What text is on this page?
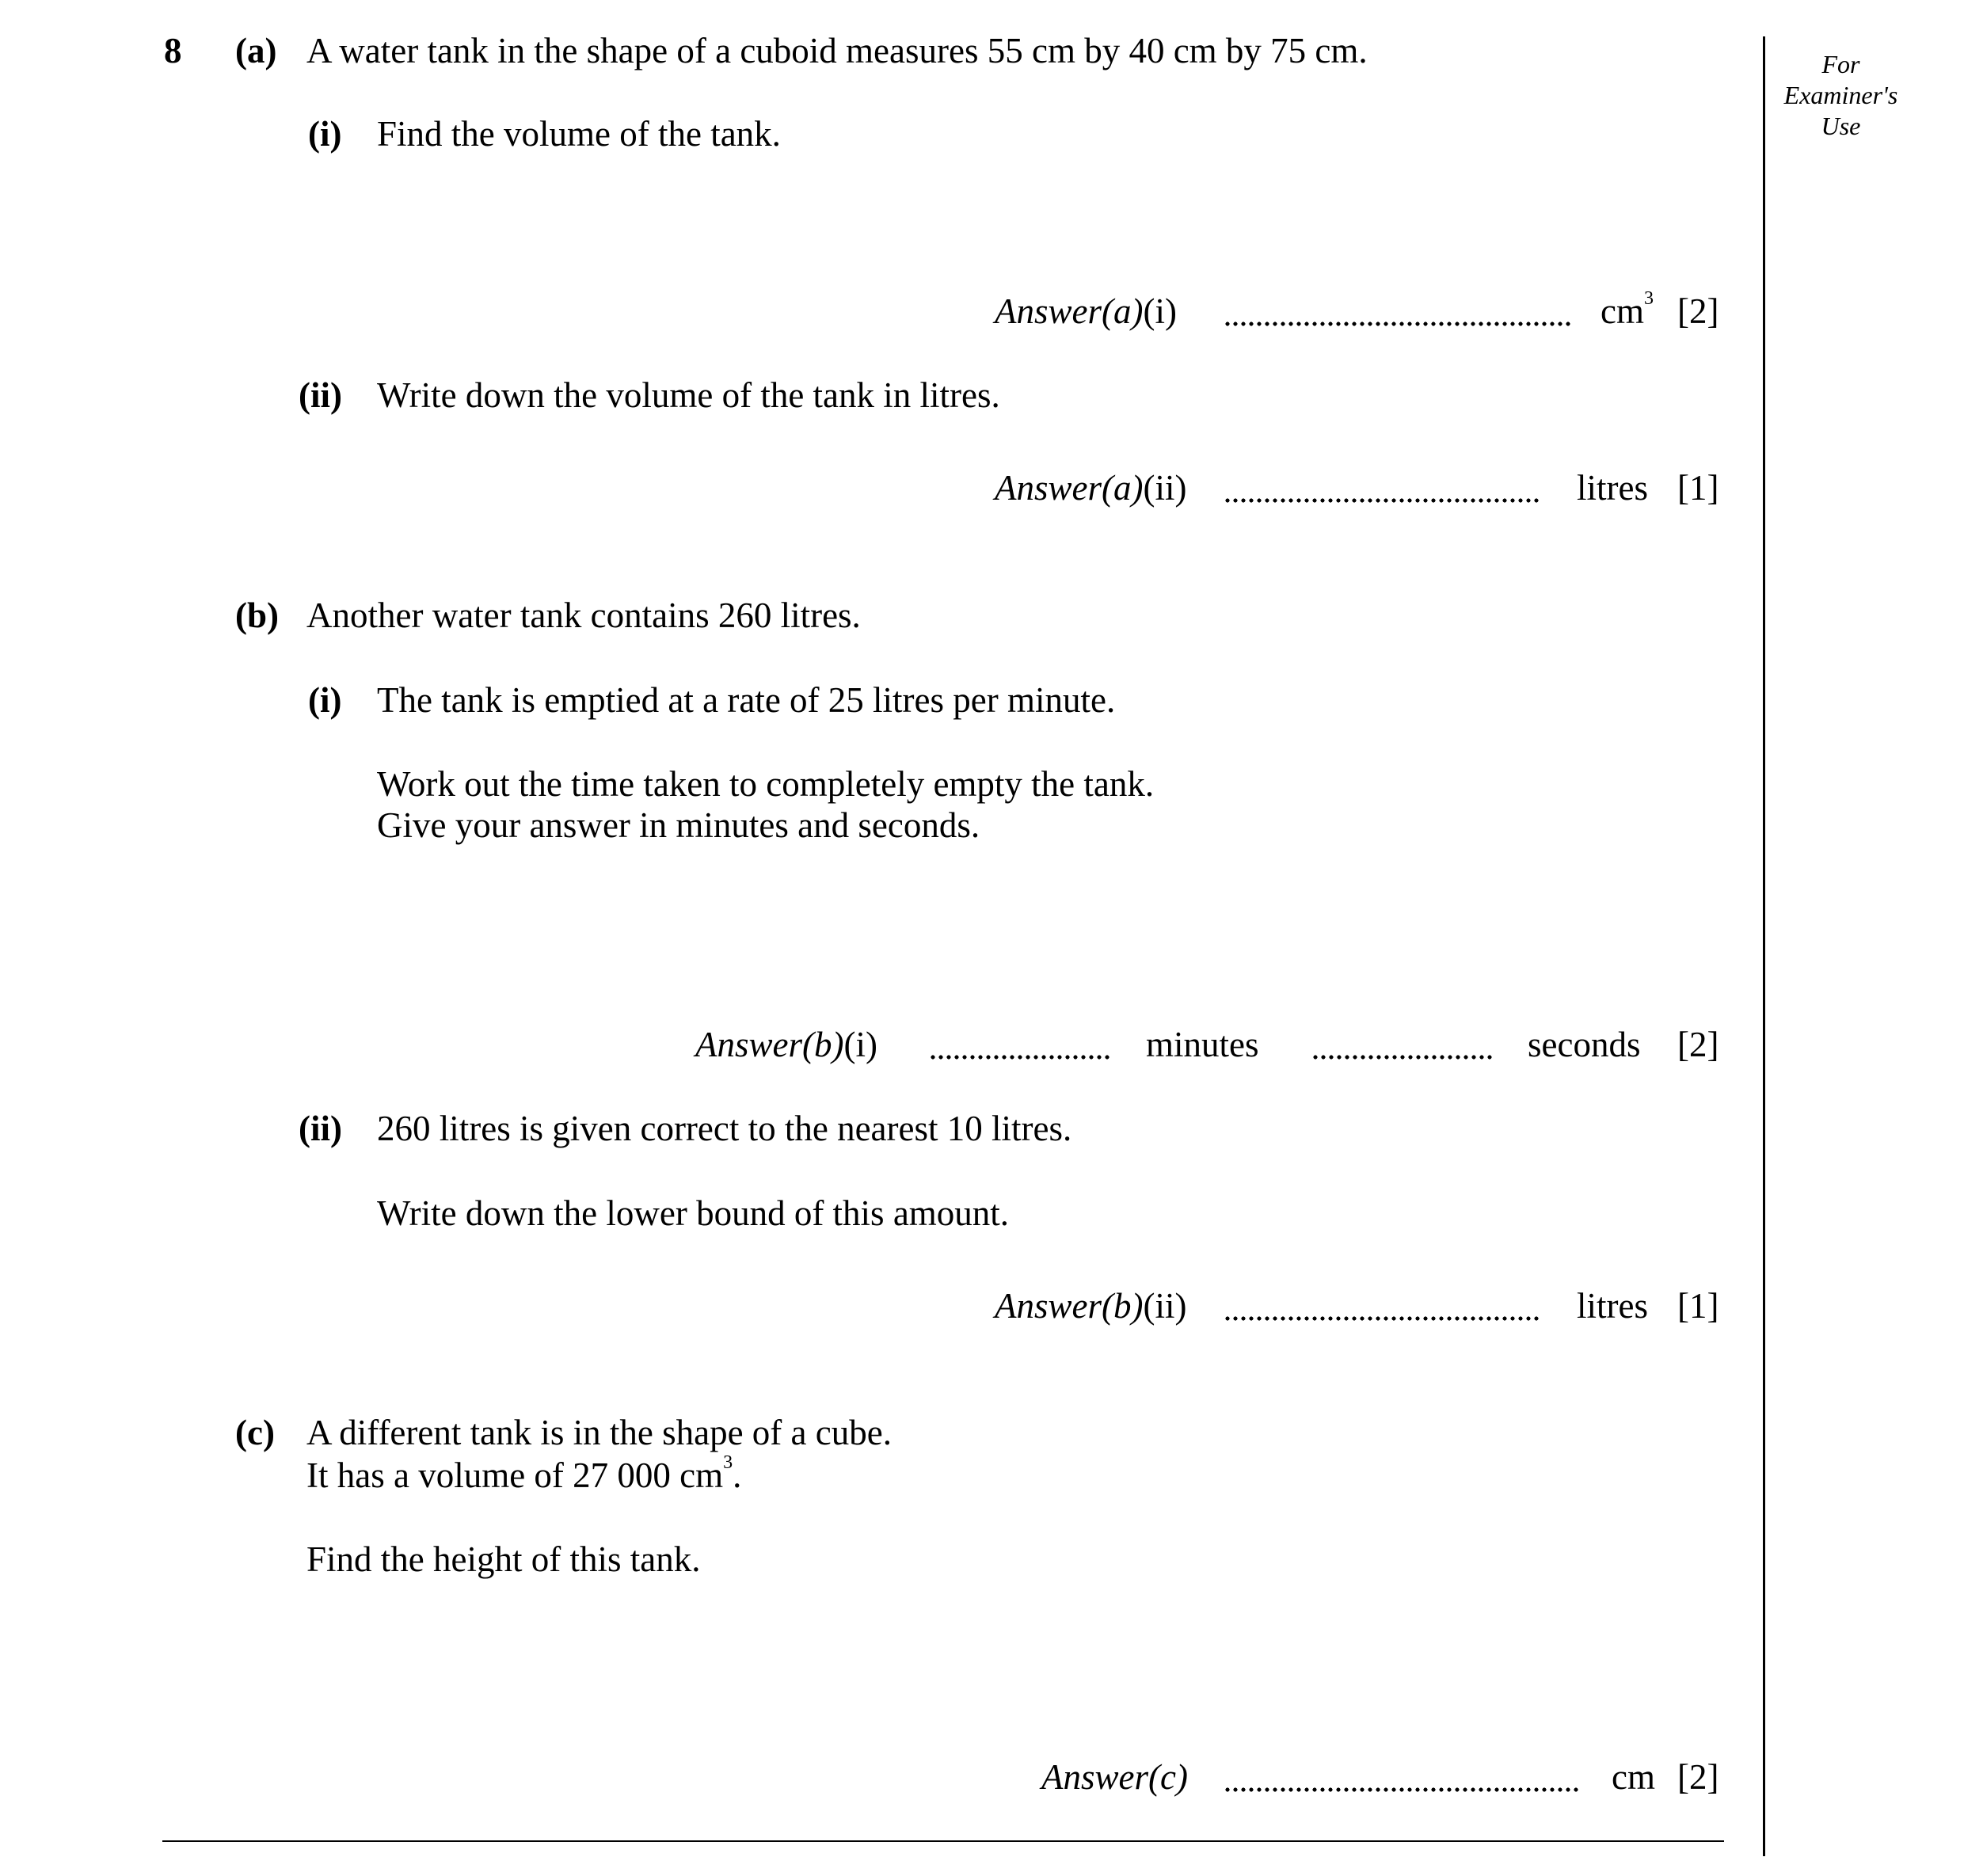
For
Examiner's
Use
8 (a) A water tank in the shape of a cuboid measures 55 cm by 40 cm by 75 cm.
(i) Find the volume of the tank.
Answer(a)(i)	$cm^3$ [2]
(ii) Write down the volume of the tank in litres.
Answer(a)(ii)	litres [1]
(b) Another water tank contains 260 litres.
(i) The tank is emptied at a rate of 25 litres per minute.
Work out the time taken to completely empty the tank.
Give your answer in minutes and seconds.
Answer(b)(i)	minutes	seconds [2]
(ii) 260 litres is given correct to the nearest 10 litres.
Write down the lower bound of this amount.
Answer(b)(ii)	litres [1]
(c) A different tank is in the shape of a cube.
It has a volume of 27 000 $cm^3$.
Find the height of this tank.
Answer(c)	cm [2]
